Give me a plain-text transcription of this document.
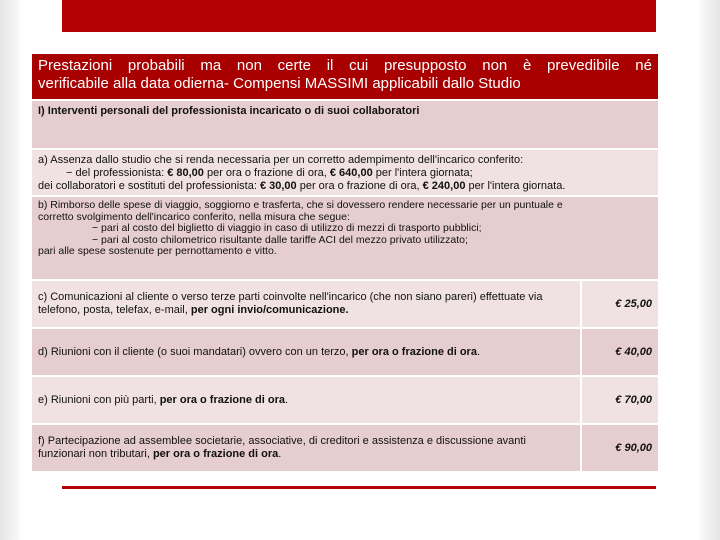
Prestazioni probabili ma non certe il cui presupposto non è prevedibile né
verificabile alla data odierna- Compensi MASSIMI applicabili dallo Studio
I) Interventi personali del professionista incaricato o di suoi collaboratori
a) Assenza dallo studio che si renda necessaria per un corretto adempimento dell'incarico conferito:

− del professionista: € 80,00 per ora o frazione di ora, € 640,00 per l'intera giornata;
dei collaboratori e sostituti del professionista: € 30,00 per ora o frazione di ora, € 240,00 per l'intera giornata.
b) Rimborso delle spese di viaggio, soggiorno e trasferta, che si dovessero rendere necessarie per un puntuale e
corretto svolgimento dell'incarico conferito, nella misura che segue:
− pari al costo del biglietto di viaggio in caso di utilizzo di mezzi di trasporto pubblici;
− pari al costo chilometrico risultante dalle tariffe ACI del mezzo privato utilizzato;
pari alle spese sostenute per pernottamento e vitto.
c) Comunicazioni al cliente o verso terze parti coinvolte nell'incarico (che non siano pareri) effettuate via telefono, posta, telefax, e-mail, per ogni invio/comunicazione.	€ 25,00
d) Riunioni con il cliente (o suoi mandatari) ovvero con un terzo, per ora o frazione di ora.	€ 40,00
e) Riunioni con più parti, per ora o frazione di ora.	€ 70,00
f) Partecipazione ad assemblee societarie, associative, di creditori e assistenza e discussione avanti funzionari non tributari, per ora o frazione di ora.	€ 90,00
